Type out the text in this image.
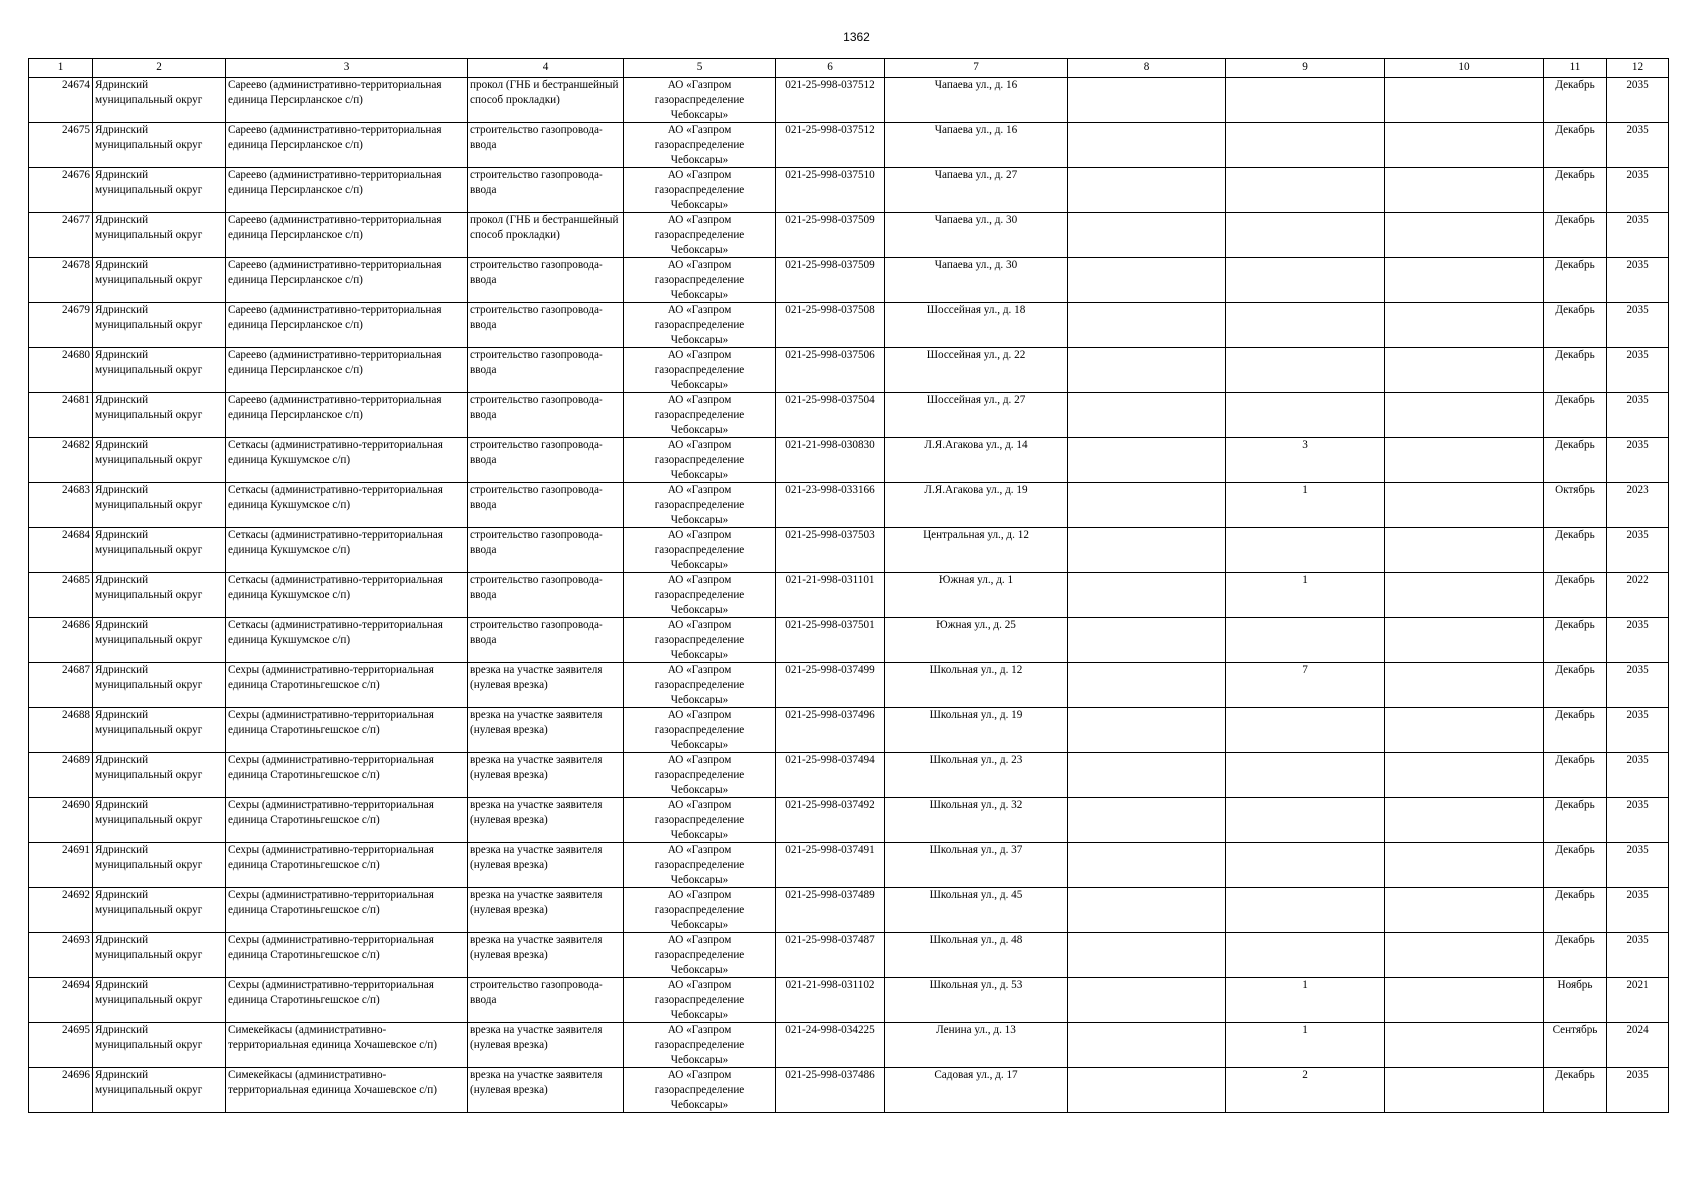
1362
1	2	3	4	5	6	7	8	9	10	11	12

24674	Ядринский муниципальный округ	Сареево (административно-территориальная единица Персирланское с/п)	прокол (ГНБ и бестраншейный способ прокладки)	АО «Газпром газораспределение Чебоксары»	021-25-998-037512	Чапаева ул., д. 16				Декабрь	2035

24675	Ядринский муниципальный округ	Сареево (административно-территориальная единица Персирланское с/п)	строительство газопровода-ввода	АО «Газпром газораспределение Чебоксары»	021-25-998-037512	Чапаева ул., д. 16				Декабрь	2035

24676	Ядринский муниципальный округ	Сареево (административно-территориальная единица Персирланское с/п)	строительство газопровода-ввода	АО «Газпром газораспределение Чебоксары»	021-25-998-037510	Чапаева ул., д. 27				Декабрь	2035

24677	Ядринский муниципальный округ	Сареево (административно-территориальная единица Персирланское с/п)	прокол (ГНБ и бестраншейный способ прокладки)	АО «Газпром газораспределение Чебоксары»	021-25-998-037509	Чапаева ул., д. 30				Декабрь	2035

24678	Ядринский муниципальный округ	Сареево (административно-территориальная единица Персирланское с/п)	строительство газопровода-ввода	АО «Газпром газораспределение Чебоксары»	021-25-998-037509	Чапаева ул., д. 30				Декабрь	2035

24679	Ядринский муниципальный округ	Сареево (административно-территориальная единица Персирланское с/п)	строительство газопровода-ввода	АО «Газпром газораспределение Чебоксары»	021-25-998-037508	Шоссейная ул., д. 18				Декабрь	2035

24680	Ядринский муниципальный округ	Сареево (административно-территориальная единица Персирланское с/п)	строительство газопровода-ввода	АО «Газпром газораспределение Чебоксары»	021-25-998-037506	Шоссейная ул., д. 22				Декабрь	2035

24681	Ядринский муниципальный округ	Сареево (административно-территориальная единица Персирланское с/п)	строительство газопровода-ввода	АО «Газпром газораспределение Чебоксары»	021-25-998-037504	Шоссейная ул., д. 27				Декабрь	2035

24682	Ядринский муниципальный округ	Сеткасы (административно-территориальная единица Кукшумское с/п)	строительство газопровода-ввода	АО «Газпром газораспределение Чебоксары»	021-21-998-030830	Л.Я.Агакова ул., д. 14		3		Декабрь	2035

24683	Ядринский муниципальный округ	Сеткасы (административно-территориальная единица Кукшумское с/п)	строительство газопровода-ввода	АО «Газпром газораспределение Чебоксары»	021-23-998-033166	Л.Я.Агакова ул., д. 19		1		Октябрь	2023

24684	Ядринский муниципальный округ	Сеткасы (административно-территориальная единица Кукшумское с/п)	строительство газопровода-ввода	АО «Газпром газораспределение Чебоксары»	021-25-998-037503	Центральная ул., д. 12				Декабрь	2035

24685	Ядринский муниципальный округ	Сеткасы (административно-территориальная единица Кукшумское с/п)	строительство газопровода-ввода	АО «Газпром газораспределение Чебоксары»	021-21-998-031101	Южная ул., д. 1		1		Декабрь	2022

24686	Ядринский муниципальный округ	Сеткасы (административно-территориальная единица Кукшумское с/п)	строительство газопровода-ввода	АО «Газпром газораспределение Чебоксары»	021-25-998-037501	Южная ул., д. 25				Декабрь	2035

24687	Ядринский муниципальный округ	Сехры (административно-территориальная единица Старотиньгешское с/п)	врезка на участке заявителя (нулевая врезка)	АО «Газпром газораспределение Чебоксары»	021-25-998-037499	Школьная ул., д. 12		7		Декабрь	2035

24688	Ядринский муниципальный округ	Сехры (административно-территориальная единица Старотиньгешское с/п)	врезка на участке заявителя (нулевая врезка)	АО «Газпром газораспределение Чебоксары»	021-25-998-037496	Школьная ул., д. 19				Декабрь	2035

24689	Ядринский муниципальный округ	Сехры (административно-территориальная единица Старотиньгешское с/п)	врезка на участке заявителя (нулевая врезка)	АО «Газпром газораспределение Чебоксары»	021-25-998-037494	Школьная ул., д. 23				Декабрь	2035

24690	Ядринский муниципальный округ	Сехры (административно-территориальная единица Старотиньгешское с/п)	врезка на участке заявителя (нулевая врезка)	АО «Газпром газораспределение Чебоксары»	021-25-998-037492	Школьная ул., д. 32				Декабрь	2035

24691	Ядринский муниципальный округ	Сехры (административно-территориальная единица Старотиньгешское с/п)	врезка на участке заявителя (нулевая врезка)	АО «Газпром газораспределение Чебоксары»	021-25-998-037491	Школьная ул., д. 37				Декабрь	2035

24692	Ядринский муниципальный округ	Сехры (административно-территориальная единица Старотиньгешское с/п)	врезка на участке заявителя (нулевая врезка)	АО «Газпром газораспределение Чебоксары»	021-25-998-037489	Школьная ул., д. 45				Декабрь	2035

24693	Ядринский муниципальный округ	Сехры (административно-территориальная единица Старотиньгешское с/п)	врезка на участке заявителя (нулевая врезка)	АО «Газпром газораспределение Чебоксары»	021-25-998-037487	Школьная ул., д. 48				Декабрь	2035

24694	Ядринский муниципальный округ	Сехры (административно-территориальная единица Старотиньгешское с/п)	строительство газопровода-ввода	АО «Газпром газораспределение Чебоксары»	021-21-998-031102	Школьная ул., д. 53		1		Ноябрь	2021

24695	Ядринский муниципальный округ	Симекейкасы (административно-территориальная единица Хочашевское с/п)	врезка на участке заявителя (нулевая врезка)	АО «Газпром газораспределение Чебоксары»	021-24-998-034225	Ленина ул., д. 13		1		Сентябрь	2024

24696	Ядринский муниципальный округ	Симекейкасы (административно-территориальная единица Хочашевское с/п)	врезка на участке заявителя (нулевая врезка)	АО «Газпром газораспределение Чебоксары»	021-25-998-037486	Садовая ул., д. 17		2		Декабрь	2035
